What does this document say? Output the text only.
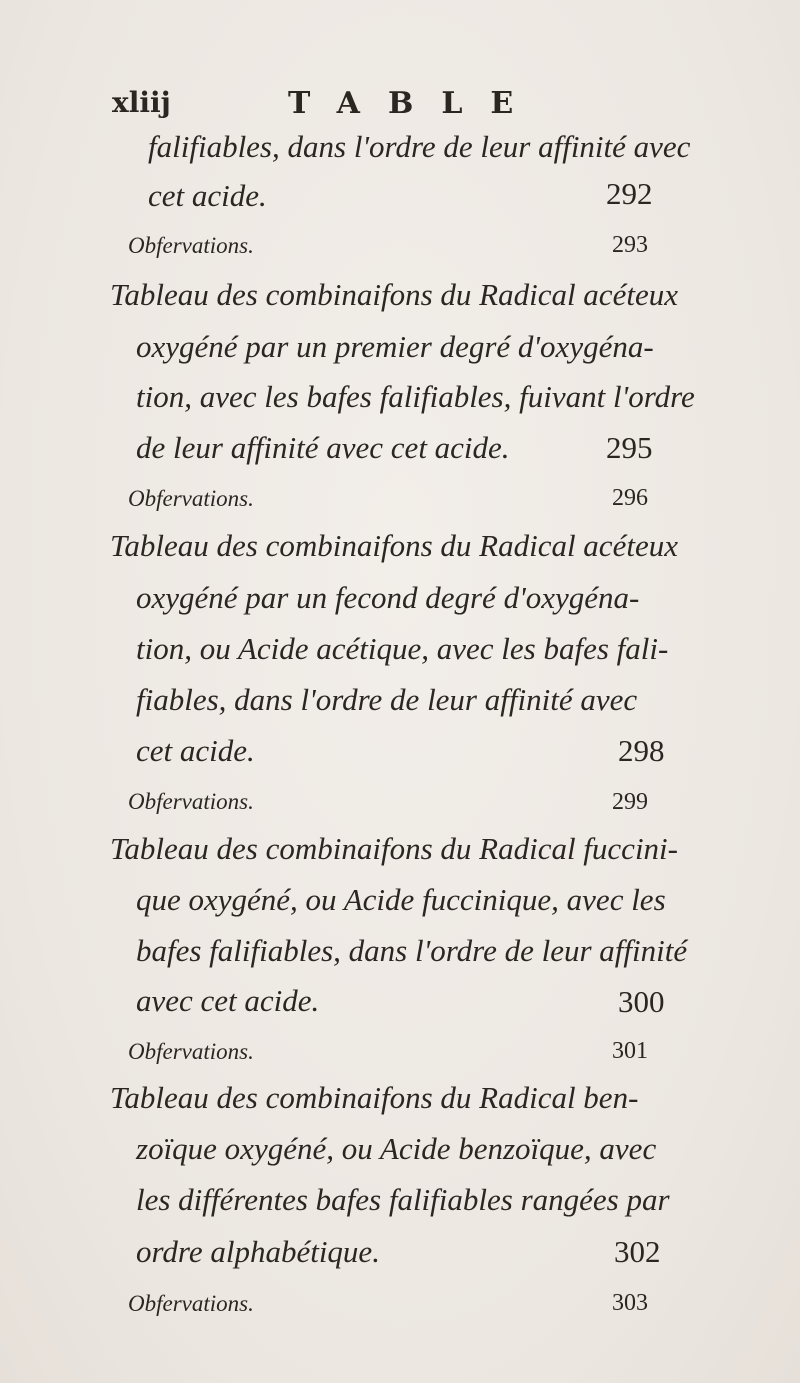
xliij	TABLE
falifiables, dans l'ordre de leur affinité avec
cet acide.	292
Obfervations.	293
Tableau des combinaifons du Radical acéteux
oxygéné par un premier degré d'oxygéna-
tion, avec les bafes falifiables, fuivant l'ordre
de leur affinité avec cet acide.	295
Obfervations.	296
Tableau des combinaifons du Radical acéteux
oxygéné par un fecond degré d'oxygéna-
tion, ou Acide acétique, avec les bafes fali-
fiables, dans l'ordre de leur affinité avec
cet acide.	298
Obfervations.	299
Tableau des combinaifons du Radical fuccini-
que oxygéné, ou Acide fuccinique, avec les
bafes falifiables, dans l'ordre de leur affinité
avec cet acide.	300
Obfervations.	301
Tableau des combinaifons du Radical ben-
zoïque oxygéné, ou Acide benzoïque, avec
les différentes bafes falifiables rangées par
ordre alphabétique.	302
Obfervations.	303
